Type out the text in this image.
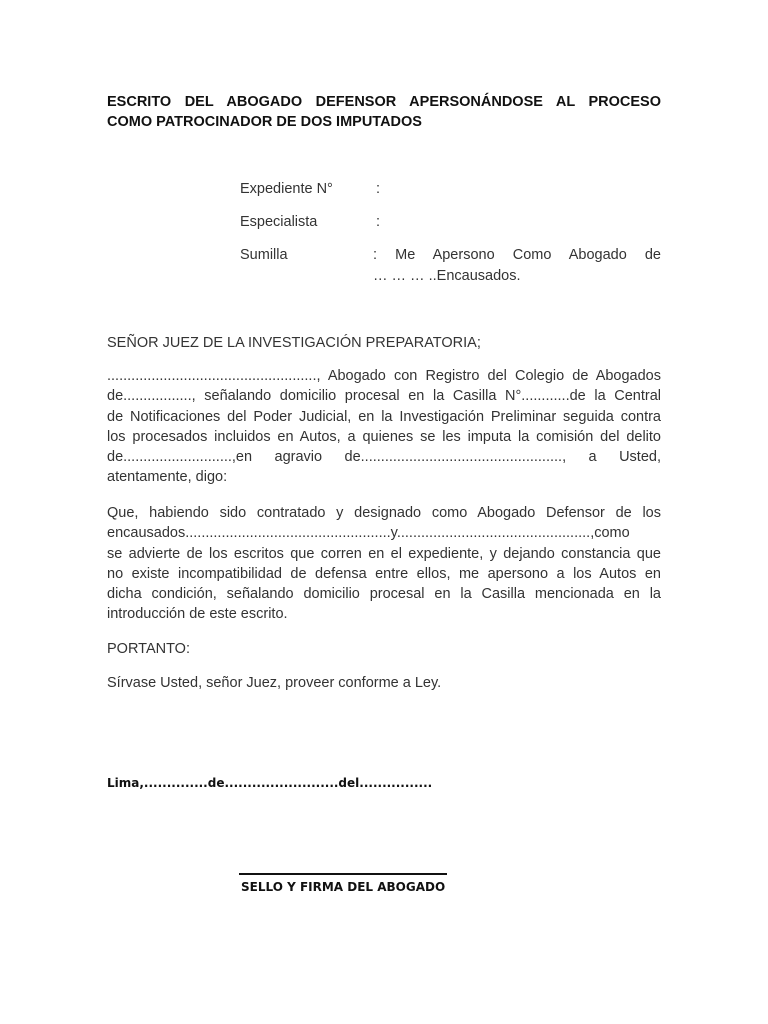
ESCRITO DEL ABOGADO DEFENSOR APERSONÁNDOSE AL PROCESO
COMO PATROCINADOR DE DOS IMPUTADOS
Expediente N°	:
Especialista	:
Sumilla	: Me Apersono Como Abogado de
… … … ..Encausados.
SEÑOR JUEZ DE LA INVESTIGACIÓN PREPARATORIA;
...................................................., Abogado con Registro del Colegio de Abogados
de................., señalando domicilio procesal en la Casilla N°............de la Central
de Notificaciones del Poder Judicial, en la Investigación Preliminar seguida contra
los procesados incluidos en Autos, a quienes se les imputa la comisión del delito
de...........................,en agravio de.................................................., a Usted,
atentamente, digo:
Que, habiendo sido contratado y designado como Abogado Defensor de los
encausados...................................................y................................................,como
se advierte de los escritos que corren en el expediente, y dejando constancia que
no existe incompatibilidad de defensa entre ellos, me apersono a los Autos en
dicha condición, señalando domicilio procesal en la Casilla mencionada en la
introducción de este escrito.
PORTANTO:
Sírvase Usted, señor Juez, proveer conforme a Ley.
Lima,..............de.........................del................
SELLO Y FIRMA DEL ABOGADO
